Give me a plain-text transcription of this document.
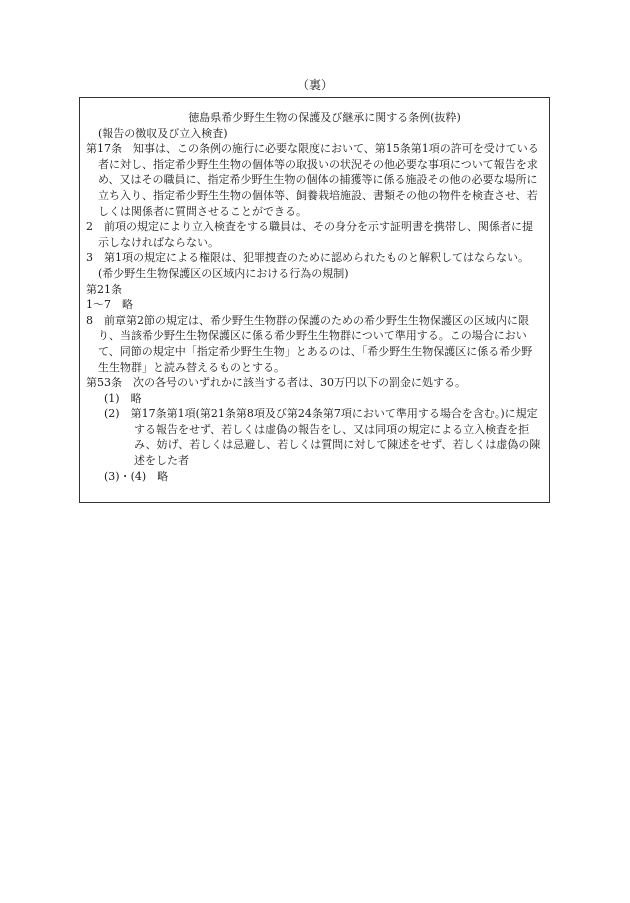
（裏）

徳島県希少野生生物の保護及び継承に関する条例(抜粋)

(報告の徴収及び立入検査)

第17条　知事は、この条例の施行に必要な限度において、第15条第1項の許可を受けている者に対し、指定希少野生生物の個体等の取扱いの状況その他必要な事項について報告を求め、又はその職員に、指定希少野生生物の個体の捕獲等に係る施設その他の必要な場所に立ち入り、指定希少野生生物の個体等、飼養栽培施設、書類その他の物件を検査させ、若しくは関係者に質問させることができる。

2　前項の規定により立入検査をする職員は、その身分を示す証明書を携帯し、関係者に提示しなければならない。

3　第1項の規定による権限は、犯罪捜査のために認められたものと解釈してはならない。

(希少野生生物保護区の区域内における行為の規制)

第21条

1～7　略

8　前章第2節の規定は、希少野生生物群の保護のための希少野生生物保護区の区域内に限り、当該希少野生生物保護区に係る希少野生生物群について準用する。この場合において、同節の規定中「指定希少野生生物」とあるのは、「希少野生生物保護区に係る希少野生生物群」と読み替えるものとする。

第53条　次の各号のいずれかに該当する者は、30万円以下の罰金に処する。

(1)　略

(2)　第17条第1項(第21条第8項及び第24条第7項において準用する場合を含む。)に規定する報告をせず、若しくは虚偽の報告をし、又は同項の規定による立入検査を拒み、妨げ、若しくは忌避し、若しくは質問に対して陳述をせず、若しくは虚偽の陳述をした者

(3)・(4)　略
